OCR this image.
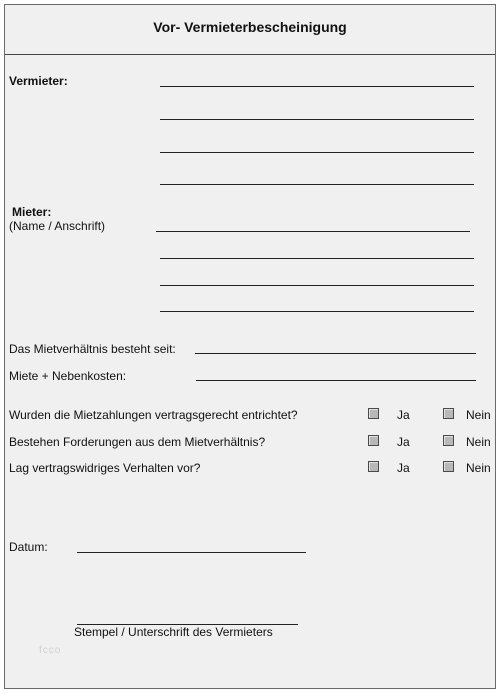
Vor- Vermieterbescheinigung
Vermieter:
Mieter:
(Name / Anschrift)
Das Mietverhältnis besteht seit:
Miete + Nebenkosten:
Wurden die Mietzahlungen vertragsgerecht entrichtet?	Ja	Nein
Bestehen Forderungen aus dem Mietverhältnis?	Ja	Nein
Lag vertragswidriges Verhalten vor?	Ja	Nein
Datum:
Stempel / Unterschrift des Vermieters
fcco
